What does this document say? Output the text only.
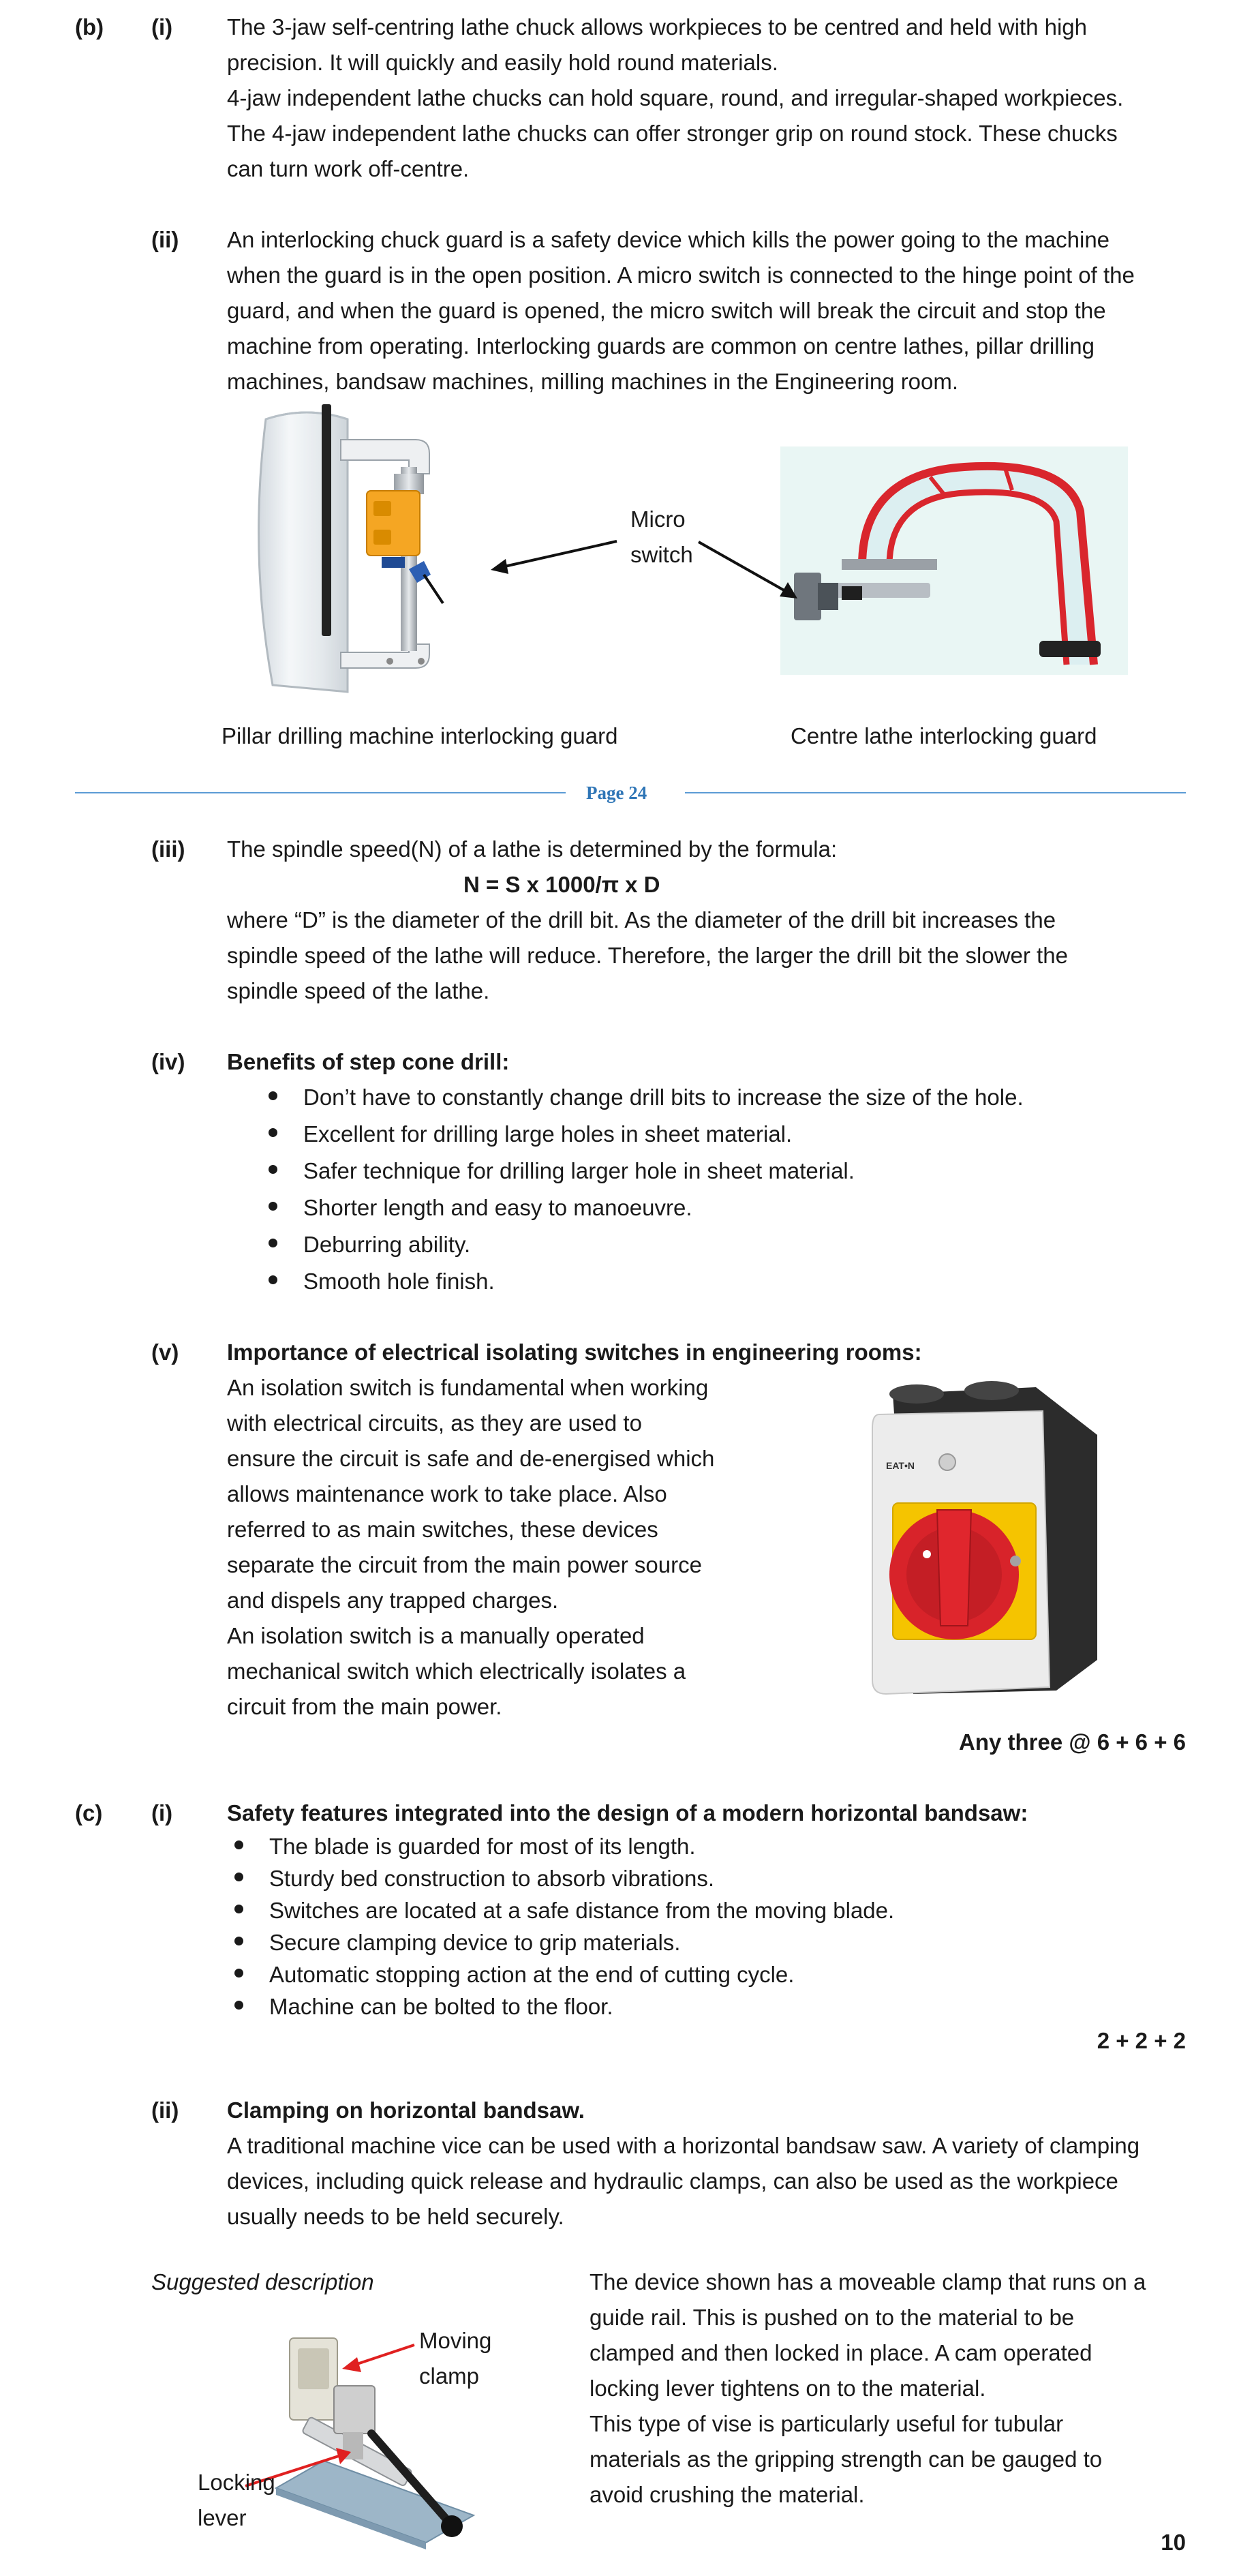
(b) (i) The 3-jaw self-centring lathe chuck allows workpieces to be centred and held with high
precision. It will quickly and easily hold round materials.
4-jaw independent lathe chucks can hold square, round, and irregular-shaped workpieces.
The 4-jaw independent lathe chucks can offer stronger grip on round stock. These chucks
can turn work off-centre.
(ii) An interlocking chuck guard is a safety device which kills the power going to the machine
when the guard is in the open position. A micro switch is connected to the hinge point of the
guard, and when the guard is opened, the micro switch will break the circuit and stop the
machine from operating. Interlocking guards are common on centre lathes, pillar drilling
machines, bandsaw machines, milling machines in the Engineering room.
Micro
switch
Pillar drilling machine interlocking guard	Centre lathe interlocking guard
Page 24
(iii) The spindle speed(N) of a lathe is determined by the formula:
N = S x 1000/π x D
where “D” is the diameter of the drill bit. As the diameter of the drill bit increases the
spindle speed of the lathe will reduce. Therefore, the larger the drill bit the slower the
spindle speed of the lathe.
(iv) Benefits of step cone drill:
Don’t have to constantly change drill bits to increase the size of the hole.
Excellent for drilling large holes in sheet material.
Safer technique for drilling larger hole in sheet material.
Shorter length and easy to manoeuvre.
Deburring ability.
Smooth hole finish.
(v) Importance of electrical isolating switches in engineering rooms:
An isolation switch is fundamental when working
with electrical circuits, as they are used to
ensure the circuit is safe and de-energised which
allows maintenance work to take place. Also
referred to as main switches, these devices
separate the circuit from the main power source
and dispels any trapped charges.
An isolation switch is a manually operated
mechanical switch which electrically isolates a
circuit from the main power.
EAT•N
Any three @ 6 + 6 + 6
(c) (i) Safety features integrated into the design of a modern horizontal bandsaw:
The blade is guarded for most of its length.
Sturdy bed construction to absorb vibrations.
Switches are located at a safe distance from the moving blade.
Secure clamping device to grip materials.
Automatic stopping action at the end of cutting cycle.
Machine can be bolted to the floor.
2 + 2 + 2
(ii) Clamping on horizontal bandsaw.
A traditional machine vice can be used with a horizontal bandsaw saw. A variety of clamping
devices, including quick release and hydraulic clamps, can also be used as the workpiece
usually needs to be held securely.
Suggested description
Moving
clamp
Locking
lever
The device shown has a moveable clamp that runs on a
guide rail. This is pushed on to the material to be
clamped and then locked in place. A cam operated
locking lever tightens on to the material.
This type of vise is particularly useful for tubular
materials as the gripping strength can be gauged to
avoid crushing the material.
10
